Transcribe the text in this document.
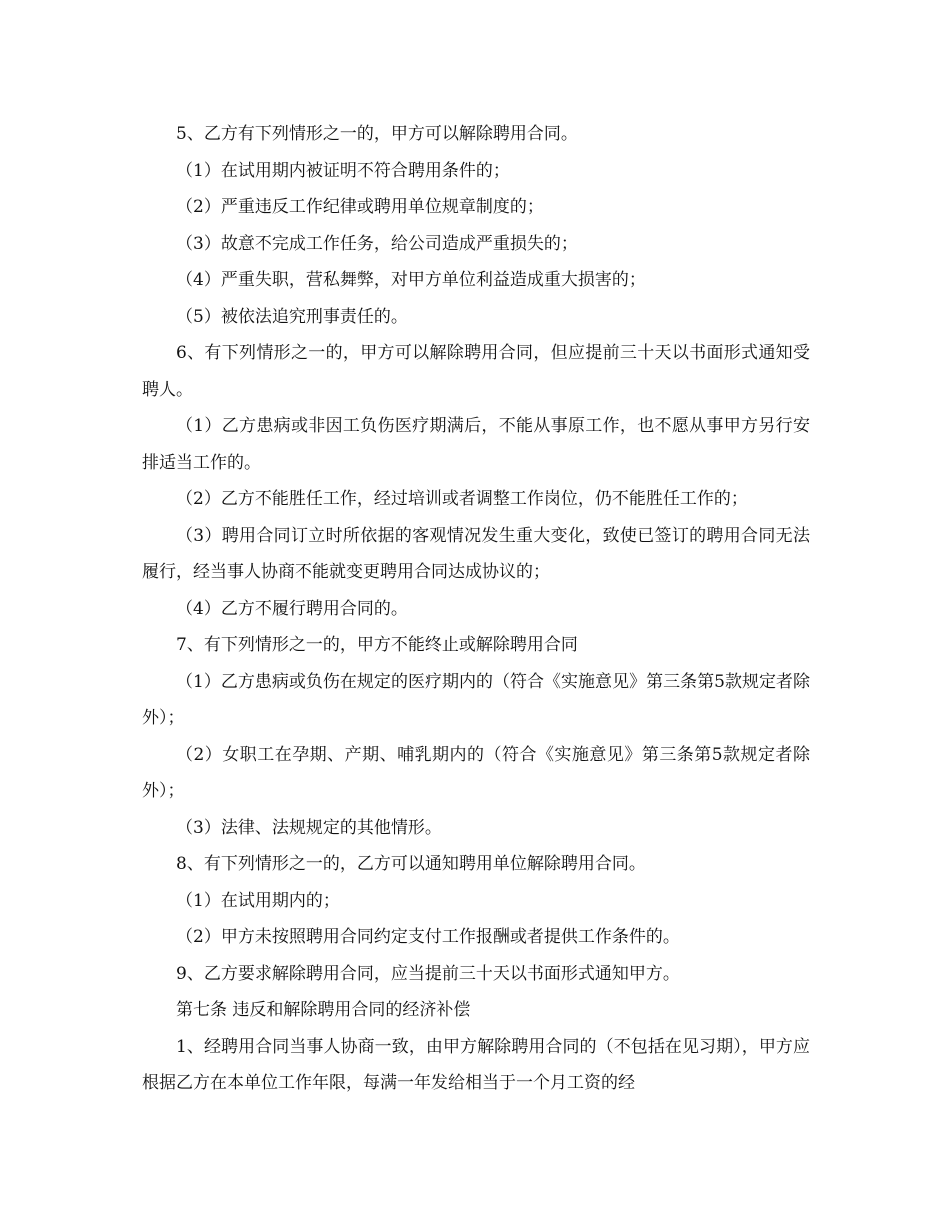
5、乙方有下列情形之一的，甲方可以解除聘用合同。

（1）在试用期内被证明不符合聘用条件的；

（2）严重违反工作纪律或聘用单位规章制度的；

（3）故意不完成工作任务，给公司造成严重损失的；

（4）严重失职，营私舞弊，对甲方单位利益造成重大损害的；

（5）被依法追究刑事责任的。

6、有下列情形之一的，甲方可以解除聘用合同，但应提前三十天以书面形式通知受聘人。

（1）乙方患病或非因工负伤医疗期满后，不能从事原工作，也不愿从事甲方另行安排适当工作的。

（2）乙方不能胜任工作，经过培训或者调整工作岗位，仍不能胜任工作的；

（3）聘用合同订立时所依据的客观情况发生重大变化，致使已签订的聘用合同无法履行，经当事人协商不能就变更聘用合同达成协议的；

（4）乙方不履行聘用合同的。

7、有下列情形之一的，甲方不能终止或解除聘用合同

（1）乙方患病或负伤在规定的医疗期内的（符合《实施意见》第三条第5款规定者除外）；

（2）女职工在孕期、产期、哺乳期内的（符合《实施意见》第三条第5款规定者除外）；

（3）法律、法规规定的其他情形。

8、有下列情形之一的，乙方可以通知聘用单位解除聘用合同。

（1）在试用期内的；

（2）甲方未按照聘用合同约定支付工作报酬或者提供工作条件的。

9、乙方要求解除聘用合同，应当提前三十天以书面形式通知甲方。

第七条 违反和解除聘用合同的经济补偿

1、经聘用合同当事人协商一致，由甲方解除聘用合同的（不包括在见习期），甲方应根据乙方在本单位工作年限，每满一年发给相当于一个月工资的经
